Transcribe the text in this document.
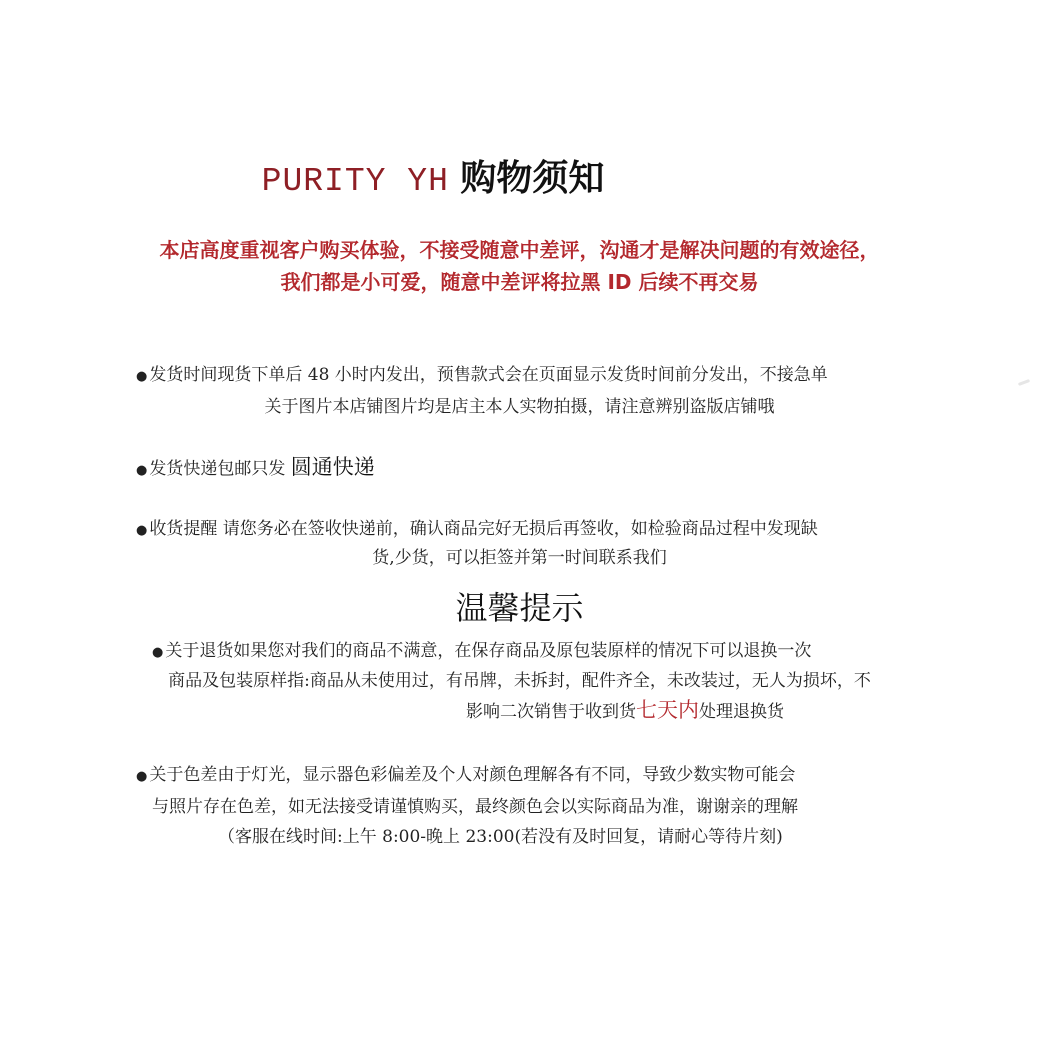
PURITY YH 购物须知
本店高度重视客户购买体验，不接受随意中差评，沟通才是解决问题的有效途径，
我们都是小可爱，随意中差评将拉黑 ID 后续不再交易
● 发货时间现货下单后 48 小时内发出，预售款式会在页面显示发货时间前分发出，不接急单
关于图片本店铺图片均是店主本人实物拍摄，请注意辨别盗版店铺哦
● 发货快递包邮只发 圆通快递
● 收货提醒 请您务必在签收快递前，确认商品完好无损后再签收，如检验商品过程中发现缺
货,少货，可以拒签并第一时间联系我们
温馨提示
● 关于退货如果您对我们的商品不满意，在保存商品及原包装原样的情况下可以退换一次
商品及包装原样指:商品从未使用过，有吊牌，未拆封，配件齐全，未改装过，无人为损坏，不
影响二次销售于收到货七天内处理退换货
● 关于色差由于灯光，显示器色彩偏差及个人对颜色理解各有不同，导致少数实物可能会
与照片存在色差，如无法接受请谨慎购买，最终颜色会以实际商品为准，谢谢亲的理解
（客服在线时间:上午 8:00-晚上 23:00(若没有及时回复，请耐心等待片刻)
